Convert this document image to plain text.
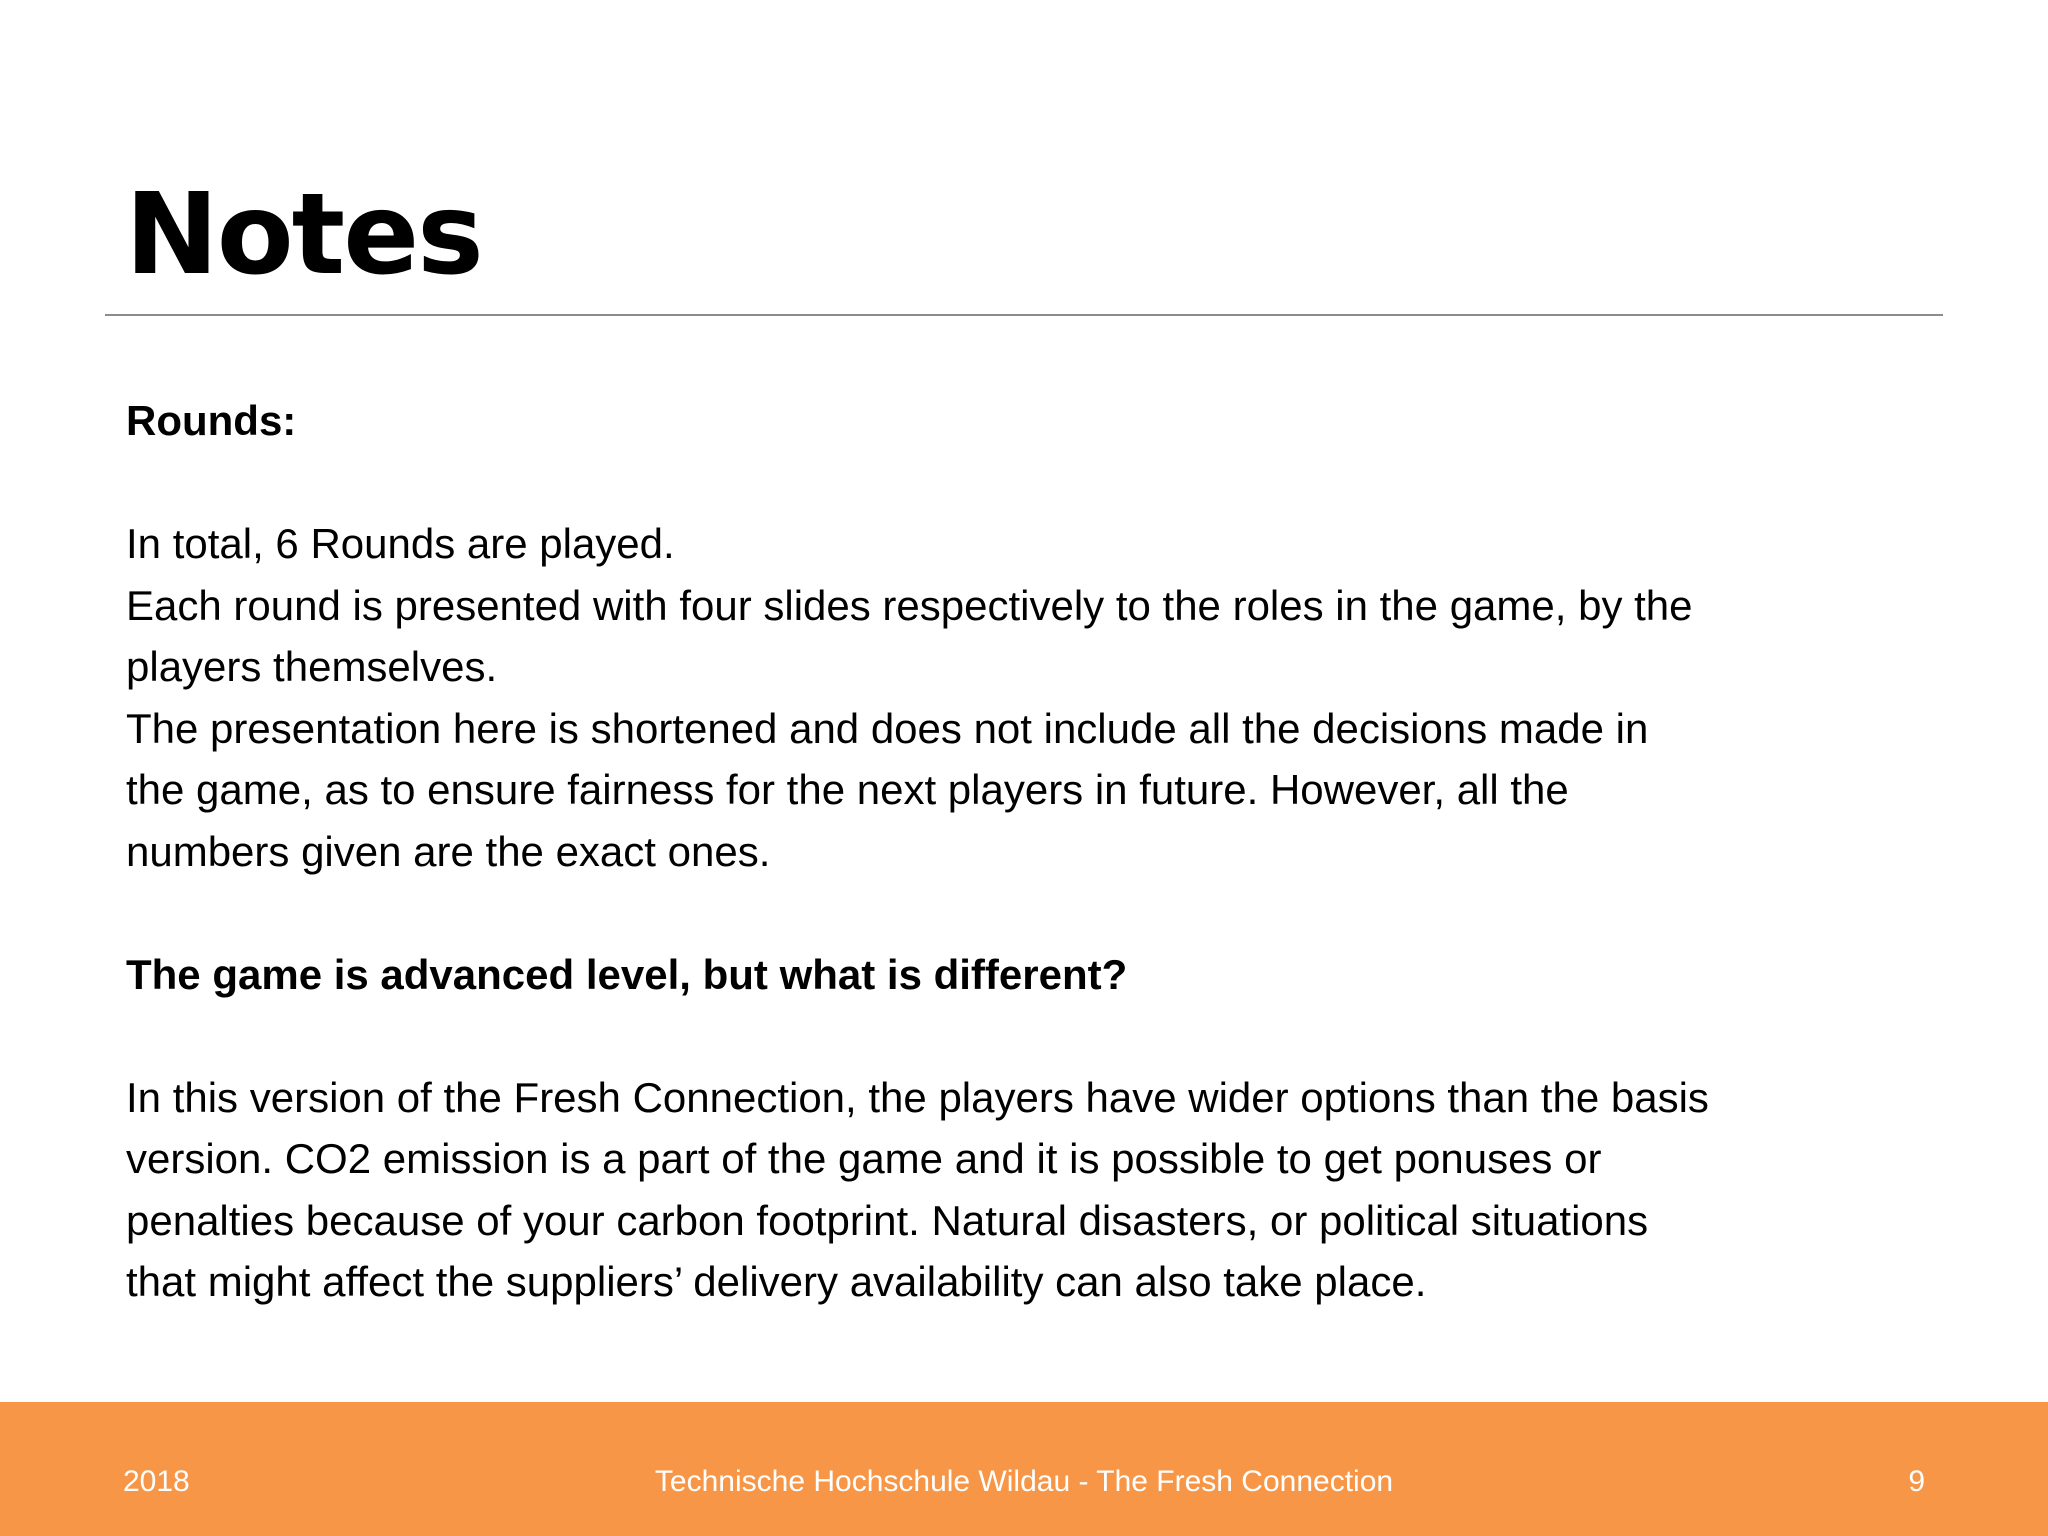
Notes

Rounds:

In total, 6 Rounds are played.

Each round is presented with four slides respectively to the roles in the game, by the

players themselves.

The presentation here is shortened and does not include all the decisions made in

the game, as to ensure fairness for the next players in future. However, all the

numbers given are the exact ones.

The game is advanced level, but what is different?

In this version of the Fresh Connection, the players have wider options than the basis

version. CO2 emission is a part of the game and it is possible to get ponuses or

penalties because of your carbon footprint. Natural disasters, or political situations

that might affect the suppliers’ delivery availability can also take place.

2018	Technische Hochschule Wildau - The Fresh Connection	9
